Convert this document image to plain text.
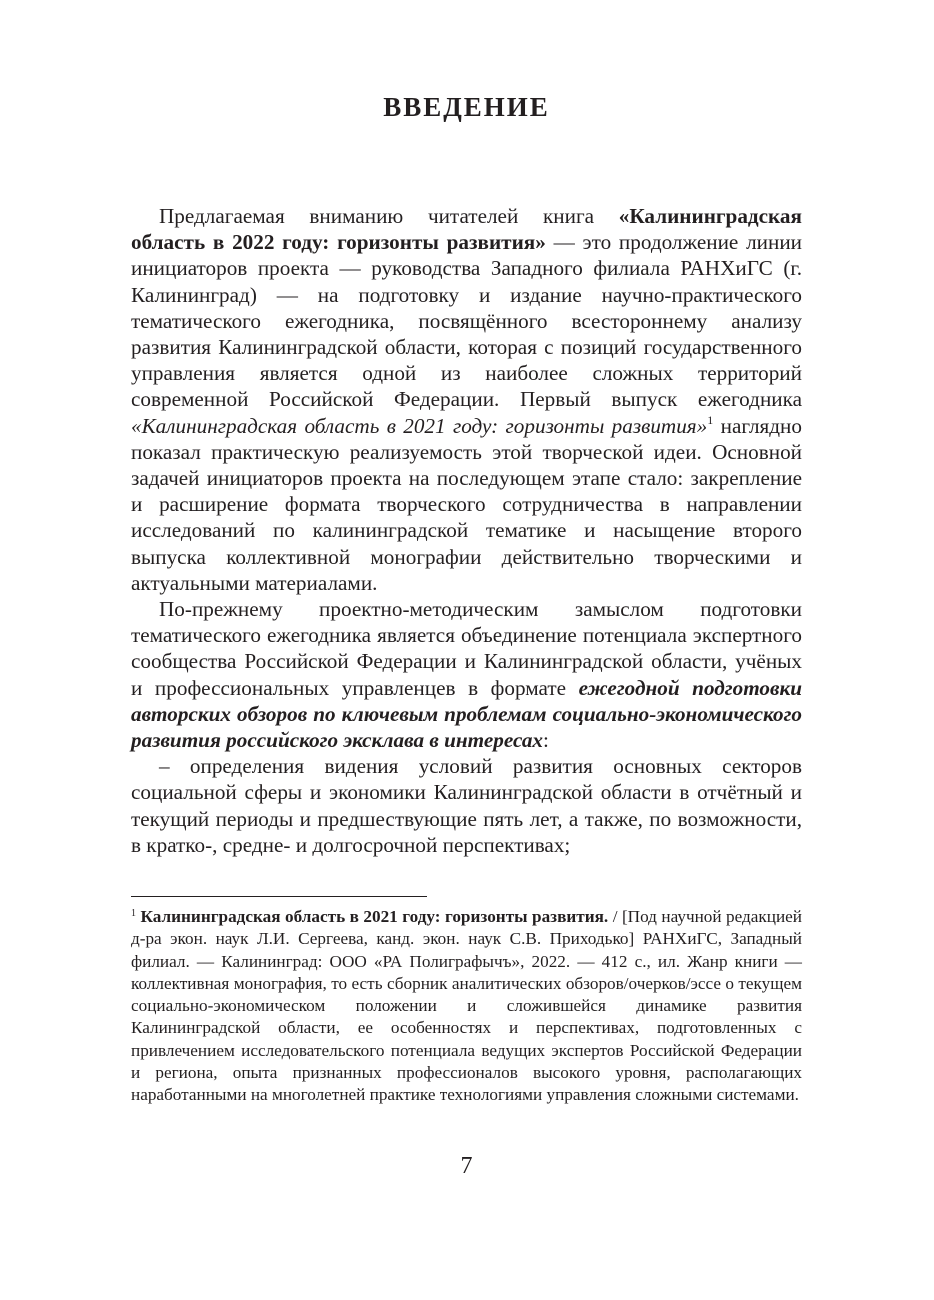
ВВЕДЕНИЕ

Предлагаемая вниманию читателей книга «Калининградская область в 2022 году: горизонты развития» — это продолжение линии инициаторов проекта — руководства Западного филиала РАНХиГС (г. Калининград) — на подготовку и издание научно-практического тематического ежегодника, посвящённого всестороннему анализу развития Калининградской области, которая с позиций государственного управления является одной из наиболее сложных территорий современной Российской Федерации. Первый выпуск ежегодника «Калининградская область в 2021 году: горизонты развития»$^1$ наглядно показал практическую реализуемость этой творческой идеи. Основной задачей инициаторов проекта на последующем этапе стало: закрепление и расширение формата творческого сотрудничества в направлении исследований по калининградской тематике и насыщение второго выпуска коллективной монографии действительно творческими и актуальными материалами.

По-прежнему проектно-методическим замыслом подготовки тематического ежегодника является объединение потенциала экспертного сообщества Российской Федерации и Калининградской области, учёных и профессиональных управленцев в формате ежегодной подготовки авторских обзоров по ключевым проблемам социально-экономического развития российского эксклава в интересах:

– определения видения условий развития основных секторов социальной сферы и экономики Калининградской области в отчётный и текущий периоды и предшествующие пять лет, а также, по возможности, в кратко-, средне- и долгосрочной перспективах;

$^1$ Калининградская область в 2021 году: горизонты развития. / [Под научной редакцией д-ра экон. наук Л.И. Сергеева, канд. экон. наук С.В. Приходько] РАНХиГС, Западный филиал. — Калининград: ООО «РА Полиграфычъ», 2022. — 412 с., ил. Жанр книги — коллективная монография, то есть сборник аналитических обзоров/очерков/эссе о текущем социально-экономическом положении и сложившейся динамике развития Калининградской области, ее особенностях и перспективах, подготовленных с привлечением исследовательского потенциала ведущих экспертов Российской Федерации и региона, опыта признанных профессионалов высокого уровня, располагающих наработанными на многолетней практике технологиями управления сложными системами.

7
